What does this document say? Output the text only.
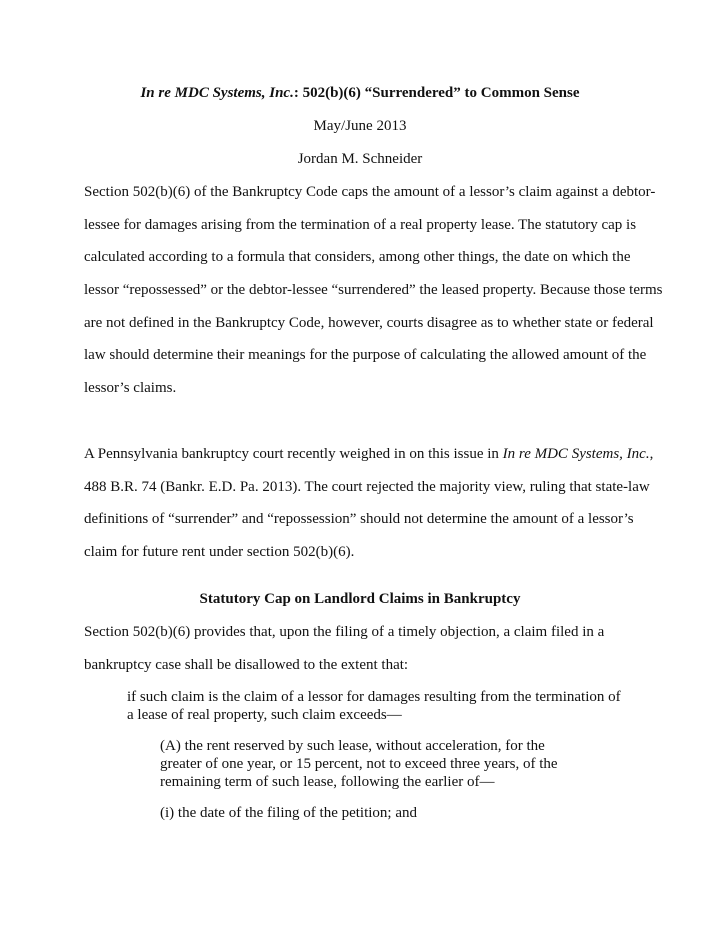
In re MDC Systems, Inc.: 502(b)(6) “Surrendered” to Common Sense
May/June 2013
Jordan M. Schneider
Section 502(b)(6) of the Bankruptcy Code caps the amount of a lessor’s claim against a debtor-
lessee for damages arising from the termination of a real property lease. The statutory cap is
calculated according to a formula that considers, among other things, the date on which the
lessor “repossessed” or the debtor-lessee “surrendered” the leased property. Because those terms
are not defined in the Bankruptcy Code, however, courts disagree as to whether state or federal
law should determine their meanings for the purpose of calculating the allowed amount of the
lessor’s claims.
A Pennsylvania bankruptcy court recently weighed in on this issue in In re MDC Systems, Inc.,
488 B.R. 74 (Bankr. E.D. Pa. 2013). The court rejected the majority view, ruling that state-law
definitions of “surrender” and “repossession” should not determine the amount of a lessor’s
claim for future rent under section 502(b)(6).
Statutory Cap on Landlord Claims in Bankruptcy
Section 502(b)(6) provides that, upon the filing of a timely objection, a claim filed in a
bankruptcy case shall be disallowed to the extent that:
if such claim is the claim of a lessor for damages resulting from the termination of
a lease of real property, such claim exceeds—
(A) the rent reserved by such lease, without acceleration, for the
greater of one year, or 15 percent, not to exceed three years, of the
remaining term of such lease, following the earlier of—
(i) the date of the filing of the petition; and
